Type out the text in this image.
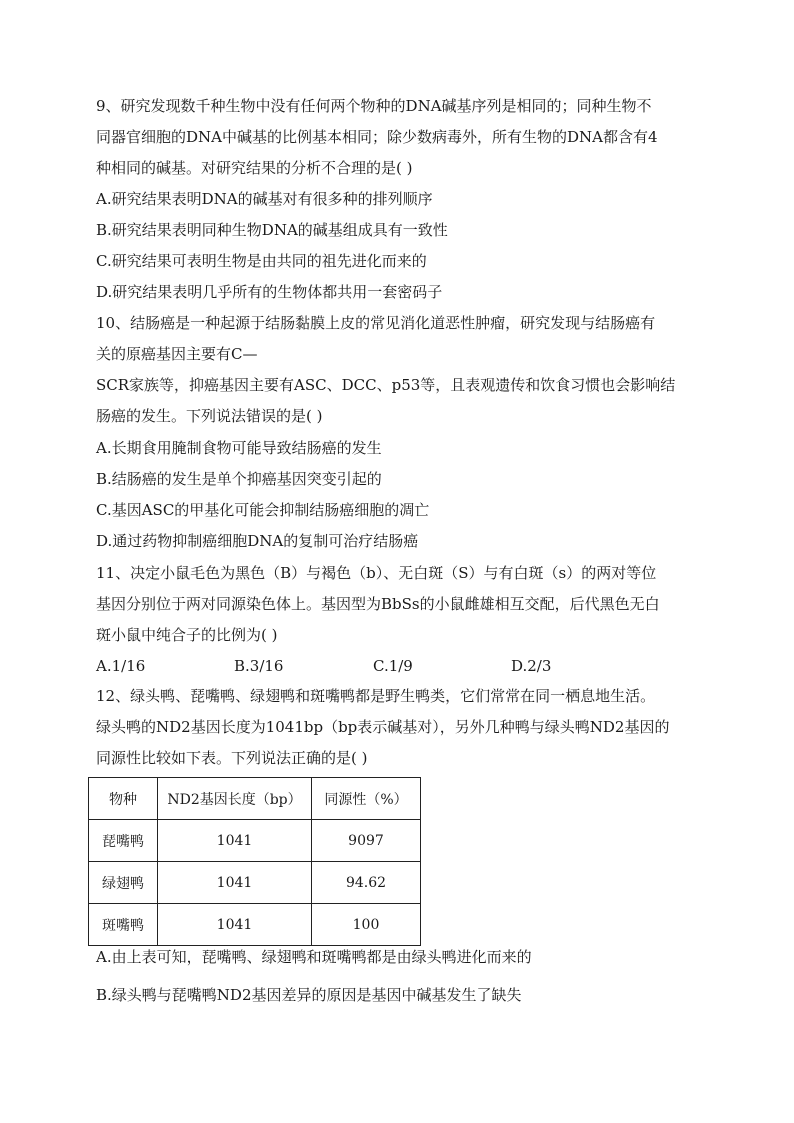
9、研究发现数千种生物中没有任何两个物种的DNA碱基序列是相同的；同种生物不
同器官细胞的DNA中碱基的比例基本相同；除少数病毒外，所有生物的DNA都含有4
种相同的碱基。对研究结果的分析不合理的是( )
A.研究结果表明DNA的碱基对有很多种的排列顺序
B.研究结果表明同种生物DNA的碱基组成具有一致性
C.研究结果可表明生物是由共同的祖先进化而来的
D.研究结果表明几乎所有的生物体都共用一套密码子
10、结肠癌是一种起源于结肠黏膜上皮的常见消化道恶性肿瘤，研究发现与结肠癌有
关的原癌基因主要有C—
SCR家族等，抑癌基因主要有ASC、DCC、p53等，且表观遗传和饮食习惯也会影响结
肠癌的发生。下列说法错误的是( )
A.长期食用腌制食物可能导致结肠癌的发生
B.结肠癌的发生是单个抑癌基因突变引起的
C.基因ASC的甲基化可能会抑制结肠癌细胞的凋亡
D.通过药物抑制癌细胞DNA的复制可治疗结肠癌
11、决定小鼠毛色为黑色（B）与褐色（b）、无白斑（S）与有白斑（s）的两对等位
基因分别位于两对同源染色体上。基因型为BbSs的小鼠雌雄相互交配，后代黑色无白
斑小鼠中纯合子的比例为( )
A.1/16	B.3/16	C.1/9	D.2/3
12、绿头鸭、琵嘴鸭、绿翅鸭和斑嘴鸭都是野生鸭类，它们常常在同一栖息地生活。
绿头鸭的ND2基因长度为1041bp（bp表示碱基对），另外几种鸭与绿头鸭ND2基因的
同源性比较如下表。下列说法正确的是( )
物种	ND2基因长度（bp）	同源性（%）
琵嘴鸭	1041	9097
绿翅鸭	1041	94.62
斑嘴鸭	1041	100
A.由上表可知，琵嘴鸭、绿翅鸭和斑嘴鸭都是由绿头鸭进化而来的
B.绿头鸭与琵嘴鸭ND2基因差异的原因是基因中碱基发生了缺失
